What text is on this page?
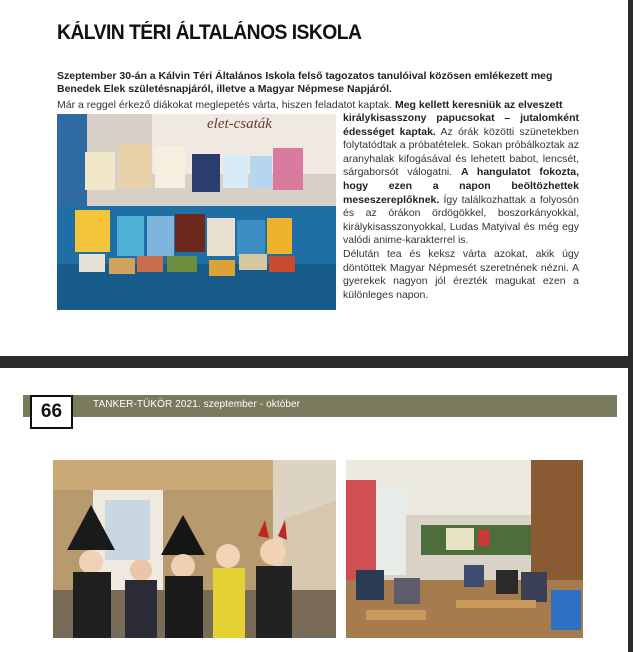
KÁLVIN TÉRI ÁLTALÁNOS ISKOLA

Szeptember 30-án a Kálvin Téri Általános Iskola felső tagozatos tanulóival közösen emlékezett meg Benedek Elek születésnapjáról, illetve a Magyar Népmese Napjáról.

Már a reggel érkező diákokat meglepetés várta, hiszen feladatot kaptak. Meg kellett keresniük az elveszett

elet-csaták	királykisasszony papucsokat – jutalomként édességet kaptak. Az órák közötti szünetekben folytatódtak a próbatételek. Sokan próbálkoztak az aranyhalak kifogásával és lehetett babot, lencsét, sárgaborsót válogatni. A hangulatot fokozta, hogy ezen a napon beöltözhettek meseszereplőknek. Így találkozhattak a folyosón és az órákon ördögökkel, boszorkányokkal, királykisasszonyokkal, Ludas Matyival és még egy valódi anime-karakterrel is.

Délután tea és keksz várta azokat, akik úgy döntöttek Magyar Népmesét szeretnének nézni. A gyerekek nagyon jól érezték magukat ezen a különleges napon.

66	TANKER-TÜKÖR 2021. szeptember - október
